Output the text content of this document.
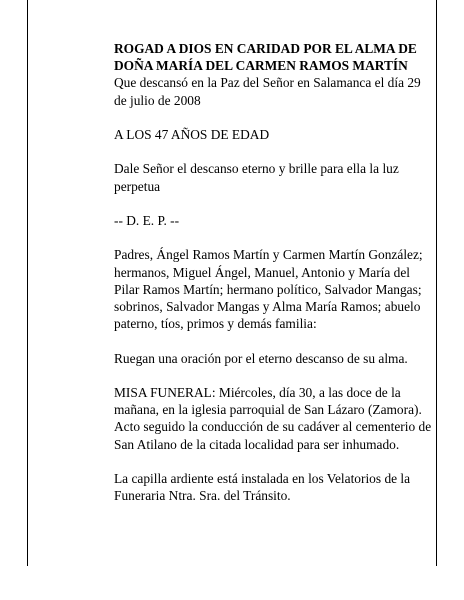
ROGAD A DIOS EN CARIDAD POR EL ALMA DE
DOÑA MARÍA DEL CARMEN RAMOS MARTÍN

Que descansó en la Paz del Señor en Salamanca el día 29 de julio de 2008

A LOS 47 AÑOS DE EDAD

Dale Señor el descanso eterno y brille para ella la luz perpetua

-- D. E. P. --

Padres, Ángel Ramos Martín y Carmen Martín González; hermanos, Miguel Ángel, Manuel, Antonio y María del Pilar Ramos Martín; hermano político, Salvador Mangas; sobrinos, Salvador Mangas y Alma María Ramos; abuelo paterno, tíos, primos y demás familia:

Ruegan una oración por el eterno descanso de su alma.

MISA FUNERAL: Miércoles, día 30, a las doce de la mañana, en la iglesia parroquial de San Lázaro (Zamora). Acto seguido la conducción de su cadáver al cementerio de San Atilano de la citada localidad para ser inhumado.

La capilla ardiente está instalada en los Velatorios de la Funeraria Ntra. Sra. del Tránsito.
